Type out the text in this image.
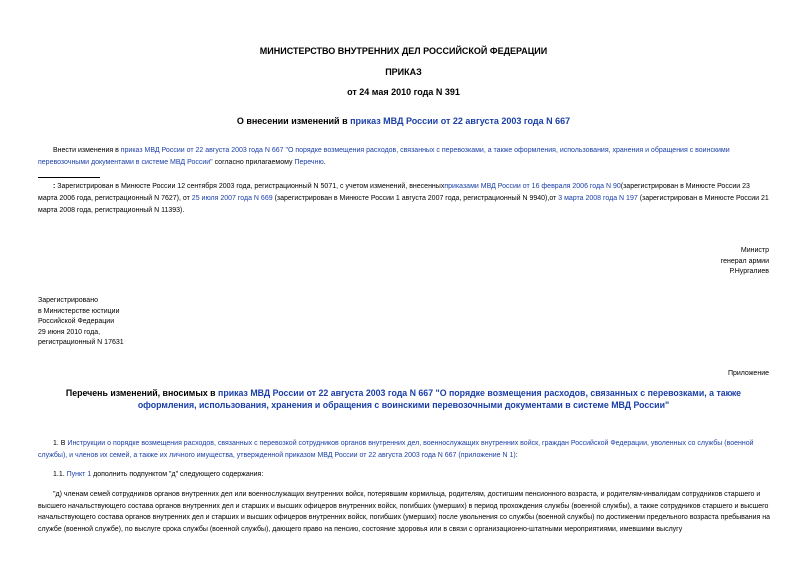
МИНИСТЕРСТВО ВНУТРЕННИХ ДЕЛ РОССИЙСКОЙ ФЕДЕРАЦИИ
ПРИКАЗ
от 24 мая 2010 года N 391
О внесении изменений в приказ МВД России от 22 августа 2003 года N 667
Внести изменения в приказ МВД России от 22 августа 2003 года N 667 "О порядке возмещения расходов, связанных с перевозками, а также оформления, использования, хранения и обращения с воинскими перевозочными документами в системе МВД России" согласно прилагаемому Перечню.
: Зарегистрирован в Минюсте России 12 сентября 2003 года, регистрационный N 5071, с учетом изменений, внесенныхприказами МВД России от 16 февраля 2006 года N 90(зарегистрирован в Минюсте России 23 марта 2006 года, регистрационный N 7627), от 25 июля 2007 года N 669 (зарегистрирован в Минюсте России 1 августа 2007 года, регистрационный N 9940),от 3 марта 2008 года N 197 (зарегистрирован в Минюсте России 21 марта 2008 года, регистрационный N 11393).
Министр
генерал армии
Р.Нургалиев
Зарегистрировано
в Министерстве юстиции
Российской Федерации
29 июня 2010 года,
регистрационный N 17631
Приложение
Перечень изменений, вносимых в приказ МВД России от 22 августа 2003 года N 667 "О порядке возмещения расходов, связанных с перевозками, а также оформления, использования, хранения и обращения с воинскими перевозочными документами в системе МВД России"
1. В Инструкции о порядке возмещения расходов, связанных с перевозкой сотрудников органов внутренних дел, военнослужащих внутренних войск, граждан Российской Федерации, уволенных со службы (военной службы), и членов их семей, а также их личного имущества, утвержденной приказом МВД России от 22 августа 2003 года N 667 (приложение N 1):
1.1. Пункт 1 дополнить подпунктом "д" следующего содержания:
"д) членам семей сотрудников органов внутренних дел или военнослужащих внутренних войск, потерявшим кормильца, родителям, достигшим пенсионного возраста, и родителям-инвалидам сотрудников старшего и высшего начальствующего состава органов внутренних дел и старших и высших офицеров внутренних войск, погибших (умерших) в период прохождения службы (военной службы), а также сотрудников старшего и высшего начальствующего состава органов внутренних дел и старших и высших офицеров внутренних войск, погибших (умерших) после увольнения со службы (военной службы) по достижении предельного возраста пребывания на службе (военной службе), по выслуге срока службы (военной службы), дающего право на пенсию, состояние здоровья или в связи с организационно-штатными мероприятиями, имевшими выслугу
